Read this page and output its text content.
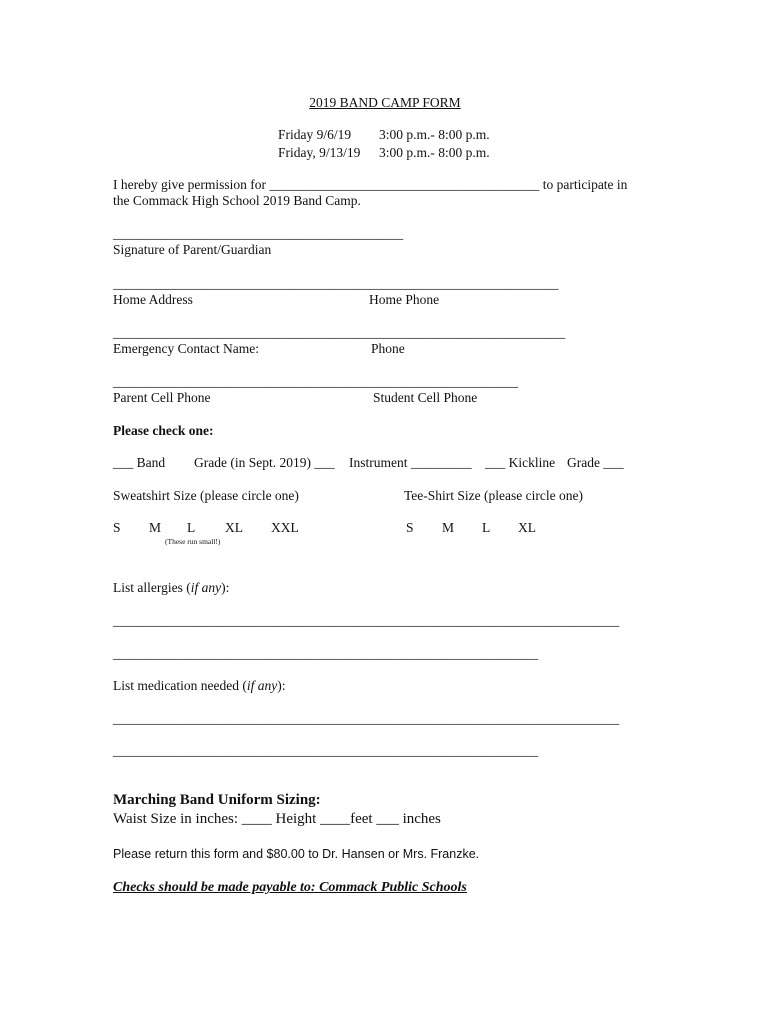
2019 BAND CAMP FORM
Friday 9/6/19 3:00 p.m.- 8:00 p.m.
Friday, 9/13/19 3:00 p.m.- 8:00 p.m.
I hereby give permission for ________________________________________ to participate in
the Commack High School 2019 Band Camp.
___________________________________________
Signature of Parent/Guardian
__________________________________________________________________
Home Address	Home Phone
___________________________________________________________________
Emergency Contact Name:	Phone
____________________________________________________________
Parent Cell Phone	Student Cell Phone
Please check one:
___ Band Grade (in Sept. 2019) ___ Instrument _________ ___ Kickline Grade ___
Sweatshirt Size (please circle one)	Tee-Shirt Size (please circle one)
S M L XL XXL	S M L XL
(These run small!)
List allergies (if any):
___________________________________________________________________________
_______________________________________________________________
List medication needed (if any):
___________________________________________________________________________
_______________________________________________________________
Marching Band Uniform Sizing:
Waist Size in inches: ____ Height ____feet ___ inches
Please return this form and $80.00 to Dr. Hansen or Mrs. Franzke.
Checks should be made payable to: Commack Public Schools
